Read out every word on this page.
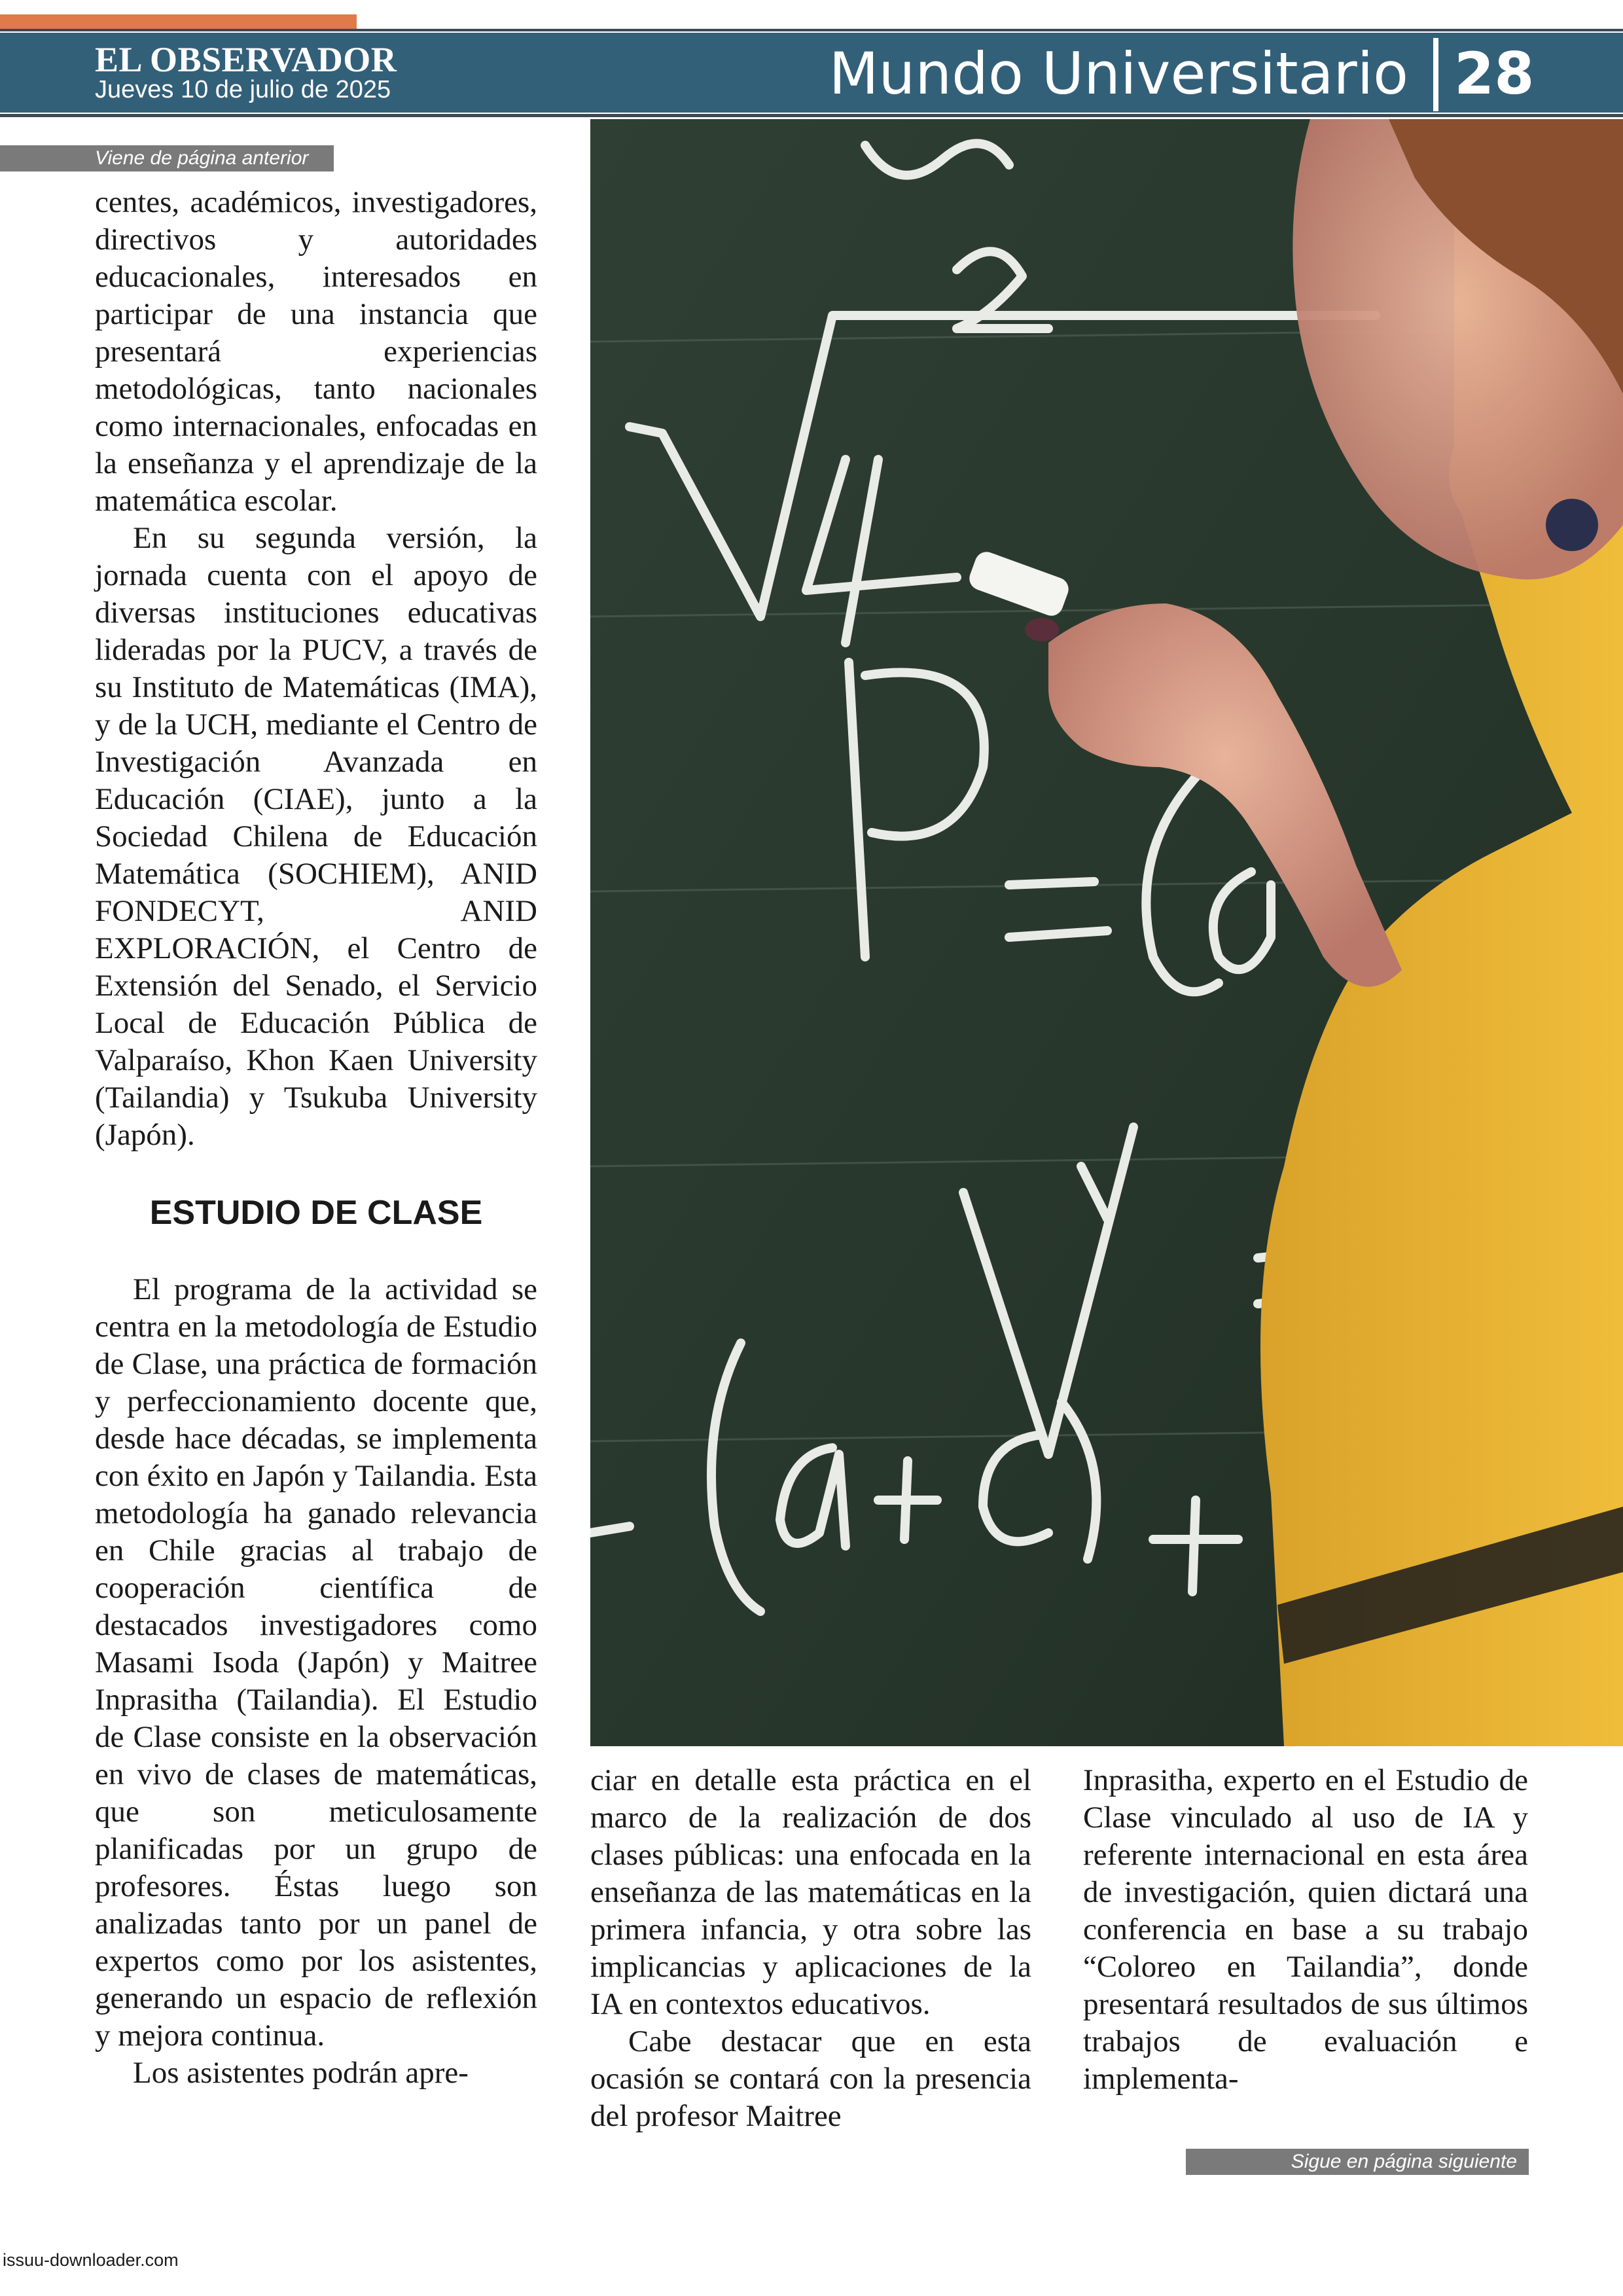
EL OBSERVADOR
Jueves 10 de julio de 2025	Mundo Universitario 28
Viene de página anterior
Sigue en página siguiente

centes, académicos, investigadores, directivos y autoridades educacionales, interesados en participar de una instancia que presentará experiencias metodológicas, tanto nacionales como internacionales, enfocadas en la enseñanza y el aprendizaje de la matemática escolar.

En su segunda versión, la jornada cuenta con el apoyo de diversas instituciones educativas lideradas por la PUCV, a través de su Instituto de Matemáticas (IMA), y de la UCH, mediante el Centro de Investigación Avanzada en Educación (CIAE), junto a la Sociedad Chilena de Educación Matemática (SOCHIEM), ANID FONDECYT, ANID EXPLORACIÓN, el Centro de Extensión del Senado, el Servicio Local de Educación Pública de Valparaíso, Khon Kaen University (Tailandia) y Tsukuba University (Japón).

ESTUDIO DE CLASE

El programa de la actividad se centra en la metodología de Estudio de Clase, una práctica de formación y perfeccionamiento docente que, desde hace décadas, se implementa con éxito en Japón y Tailandia. Esta metodología ha ganado relevancia en Chile gracias al trabajo de cooperación científica de destacados investigadores como Masami Isoda (Japón) y Maitree Inprasitha (Tailandia). El Estudio de Clase consiste en la observación en vivo de clases de matemáticas, que son meticulosamente planificadas por un grupo de profesores. Éstas luego son analizadas tanto por un panel de expertos como por los asistentes, generando un espacio de reflexión y mejora continua.

Los asistentes podrán apre-

ciar en detalle esta práctica en el marco de la realización de dos clases públicas: una enfocada en la enseñanza de las matemáticas en la primera infancia, y otra sobre las implicancias y aplicaciones de la IA en contextos educativos.

Cabe destacar que en esta ocasión se contará con la presencia del profesor Maitree

Inprasitha, experto en el Estudio de Clase vinculado al uso de IA y referente internacional en esta área de investigación, quien dictará una conferencia en base a su trabajo “Coloreo en Tailandia”, donde presentará resultados de sus últimos trabajos de evaluación e implementa-

issuu-downloader.com
